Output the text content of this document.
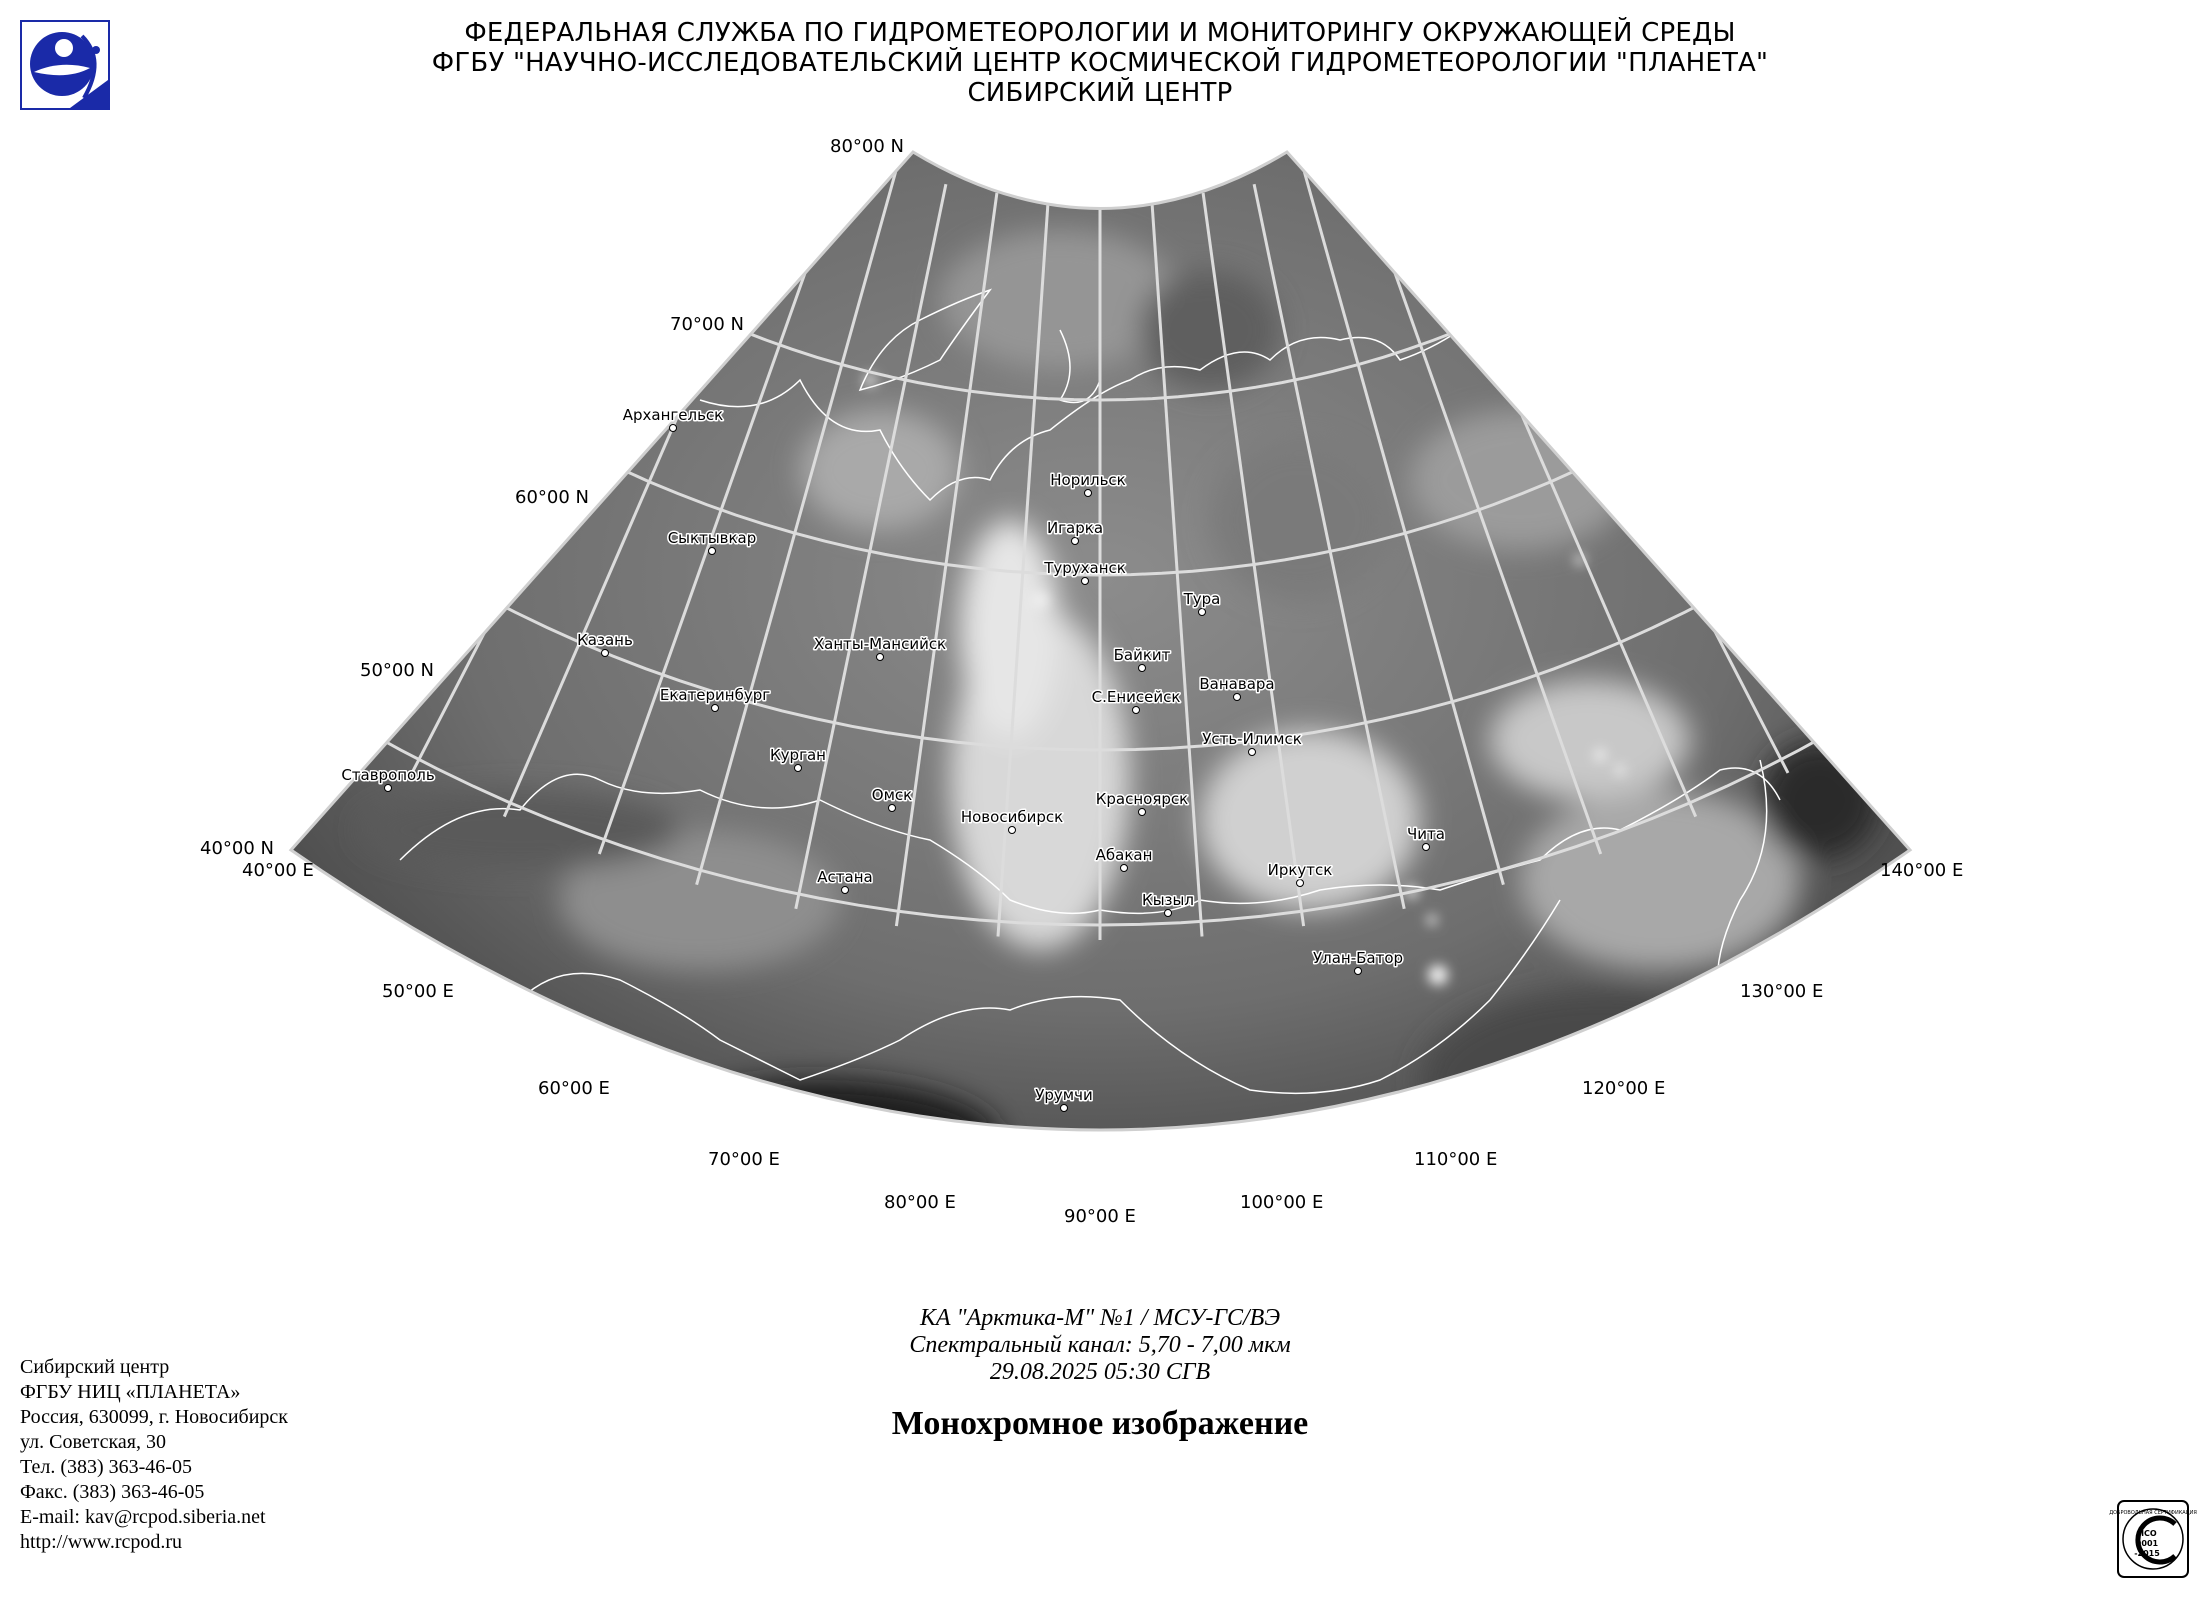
ФЕДЕРАЛЬНАЯ СЛУЖБА ПО ГИДРОМЕТЕОРОЛОГИИ И МОНИТОРИНГУ ОКРУЖАЮЩЕЙ СРЕДЫ
ФГБУ "НАУЧНО-ИССЛЕДОВАТЕЛЬСКИЙ ЦЕНТР КОСМИЧЕСКОЙ ГИДРОМЕТЕОРОЛОГИИ "ПЛАНЕТА"
СИБИРСКИЙ ЦЕНТР
80°00 N
70°00 N
60°00 N
50°00 N
40°00 N
40°00 E
50°00 E
60°00 E
70°00 E
80°00 E
90°00 E
100°00 E
110°00 E
120°00 E
130°00 E
140°00 E
Архангельск
Сыктывкар
Казань	Ханты-Мансийск
Екатеринбург
Курган
Ставрополь
Омск
Новосибирск
Астана
Норильск
Игарка
Туруханск
Тура
Байкит
Ванавара
С.Енисейск
Усть-Илимск
Красноярск
Абакан
Кызыл
Иркутск
Чита
Улан-Батор
Урумчи
КА "Арктика-М" №1 / МСУ-ГС/ВЭ
Спектральный канал: 5,70 - 7,00 мкм
29.08.2025 05:30 СГВ
Монохромное изображение
Сибирский центр
ФГБУ НИЦ «ПЛАНЕТА»
Россия, 630099, г. Новосибирск
ул. Советская, 30
Тел. (383) 363-46-05
Факс. (383) 363-46-05
E-mail: kav@rcpod.siberia.net
http://www.rcpod.ru
ДОБРОВОЛЬНАЯ СЕРТИФИКАЦИЯ
ИСО
9001
-2015
